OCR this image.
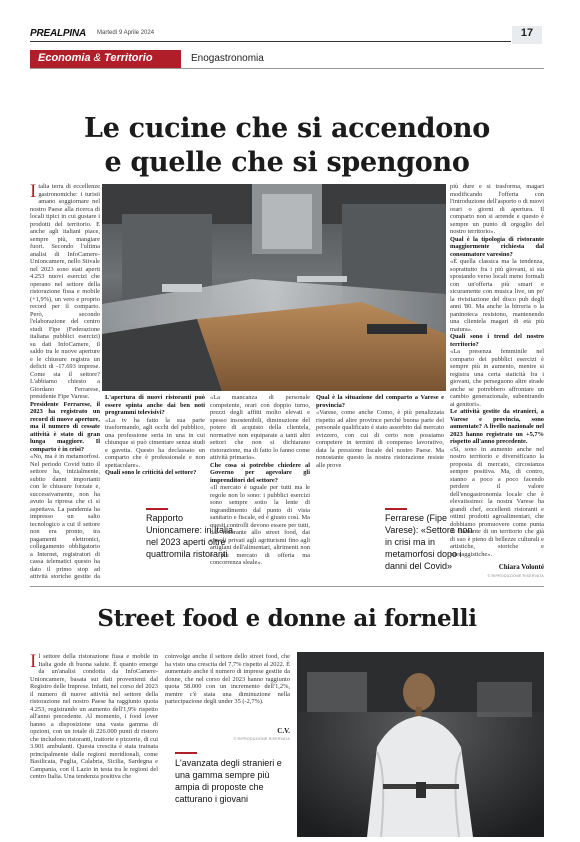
PREALPINA Martedì 9 Aprile 2024	17
Economia & Territorio	Enogastronomia
Le cucine che si accendono
e quelle che si spengono
Rapporto Unioncamere: in Italia nel 2023 aperti oltre quattromila ristoranti
Ferrarese (Fipe Varese): «Settore non in crisi ma in metamorfosi dopo i danni del Covid»
I talia terra di eccellenze gastronomiche: i turisti amano soggiornare nel nostro Paese alla ricerca di locali tipici in cui gustare i prodotti del territorio. E anche agli italiani piace, sempre più, mangiare fuori. Secondo l'ultima analisi di InfoCamere-Unioncamere, nello Stivale nel 2023 sono stati aperti 4.253 nuovi esercizi che operano nel settore della ristorazione fissa e mobile (+1,9%), un vero e proprio record per il comparto. Però, secondo l'elaborazione del centro studi Fipe (Federazione italiana pubblici esercizi) su dati InfoCamere, il saldo tra le nuove aperture e le chiusure registra un deficit di -17.693 imprese. Come sta il settore? L'abbiamo chiesto a Giordano Ferrarese, presidente Fipe Varese.

Presidente Ferrarese, il 2023 ha registrato un record di nuove aperture, ma il numero di cessate attività è stato di gran lunga maggiore. Il comparto è in crisi?

«No, ma è in metamorfosi. Nel periodo Covid tutto il settore ha, inizialmente, subito danni importanti con le chiusure forzate e, successivamente, non ha avuto la ripresa che ci si aspettava. La pandemia ha impresso un salto tecnologico a cui il settore non era pronto, tra pagamenti elettronici, collegamento obbligatorio a Internet, registratori di cassa telematici questo ha dato il primo stop ad attività storiche gestite da

L'apertura di nuovi ristoranti può essere spinta anche dai ben noti programmi televisivi?

«La tv ha fatto la sua parte trasformando, agli occhi del pubblico, una professione seria in una in cui chiunque si può cimentare senza studi e gavetta. Questo ha declassato un comparto che è professionale e non spettacolare».

Quali sono le criticità del settore?

«La mancanza di personale competente, orari con doppio turno, prezzi degli affitti molto elevati e spesso insostenibili, diminuzione del potere di acquisto della clientela, normative non equiparate a tanti altri settori che non si dichiarano ristorazione, ma di fatto lo fanno come attività primaria».

Che cosa si potrebbe chiedere al Governo per agevolare gli imprenditori del settore?

«Il mercato è uguale per tutti ma le regole non lo sono: i pubblici esercizi sono sempre sotto la lente di ingrandimento dal punto di vista sanitario e fiscale, ed è giusto così. Ma questi controlli devono essere per tutti, dal ristorante allo street food, dai circoli privati agli agriturismi fino agli artigiani dell'alimentari, altrimenti non è più mercato di offerta ma concorrenza sleale».

Qual è la situazione del comparto a Varese e provincia?

«Varese, come anche Como, è più penalizzata rispetto ad altre province perché buona parte del personale qualificato è stato assorbito dal mercato svizzero, con cui di certo non possiamo competere in termini di compenso lavorativo, data la pressione fiscale del nostro Paese. Ma nonostante questo la nostra ristorazione resiste alle prove

più dure e si trasforma, magari modificando l'offerta con l'introduzione dell'asporto o di nuovi orari o giorni di apertura. Il comparto non si arrende e questo è sempre un punto di orgoglio del nostro territorio».

Qual è la tipologia di ristorante maggiormente richiesta dal consumatore varesino?

«È quella classica ma la tendenza, soprattutto fra i più giovani, si sta spostando verso locali meno formali con un'offerta più smart e sicuramente con musica live, un po' la rivisitazione del disco pub degli anni '80. Ma anche la birreria o la paninoteca resistono, mantenendo una clientela magari di età più matura».

Quali sono i trend del nostro territorio?

«La presenza femminile nel comparto dei pubblici esercizi è sempre più in aumento, mentre si registra una certa staticità fra i giovani, che perseguono altre strade anche se potrebbero affrontare un cambio generazionale, subentrando ai genitori».

Le attività gestite da stranieri, a Varese e provincia, sono aumentate? A livello nazionale nel 2023 hanno registrato un +5,7% rispetto all'anno precedente.

«Sì, sono in aumento anche nel nostro territorio e diversificano la proposta di mercato, circostanza sempre positiva. Ma, di contro, stanno a poco a poco facendo perdere il valore dell'enogastronomia locale che è elevatissimo: la nostra Varese ha grandi chef, eccellenti ristoranti e ottimi prodotti agroalimentari, che dobbiamo promuovere come punta di diamante di un territorio che già di suo è pieno di bellezze culturali e artistiche, storiche e paesaggistiche».

Chiara Volonté
© RIPRODUZIONE RISERVATA
Street food e donne ai fornelli
I l settore della ristorazione fissa e mobile in Italia gode di buona salute. È quanto emerge da un'analisi condotta da InfoCamere-Unioncamere, basata sui dati provenienti dal Registro delle Imprese. Infatti, nel corso del 2023 il numero di nuove attività nel settore della ristorazione nel nostro Paese ha raggiunto quota 4.253, registrando un aumento dell'1,9% rispetto all'anno precedente. Al momento, i food lover hanno a disposizione una vasta gamma di opzioni, con un totale di 226.000 punti di ristoro che includono ristoranti, trattorie e pizzerie, di cui 3.901 ambulanti. Questa crescita è stata trainata principalmente dalle regioni meridionali, come Basilicata, Puglia, Calabria, Sicilia, Sardegna e Campania, con il Lazio in testa tra le regioni del centro Italia. Una tendenza positiva che

coinvolge anche il settore dello street food, che ha visto una crescita del 7,7% rispetto al 2022. È aumentato anche il numero di imprese gestite da donne, che nel corso del 2023 hanno raggiunto quota 58.000 con un incremento dell'1,2%, mentre c'è stata una diminuzione nella partecipazione degli under 35 (-2,7%).

C.V.
© RIPRODUZIONE RISERVATA
L'avanzata degli stranieri e una gamma sempre più ampia di proposte che catturano i giovani
